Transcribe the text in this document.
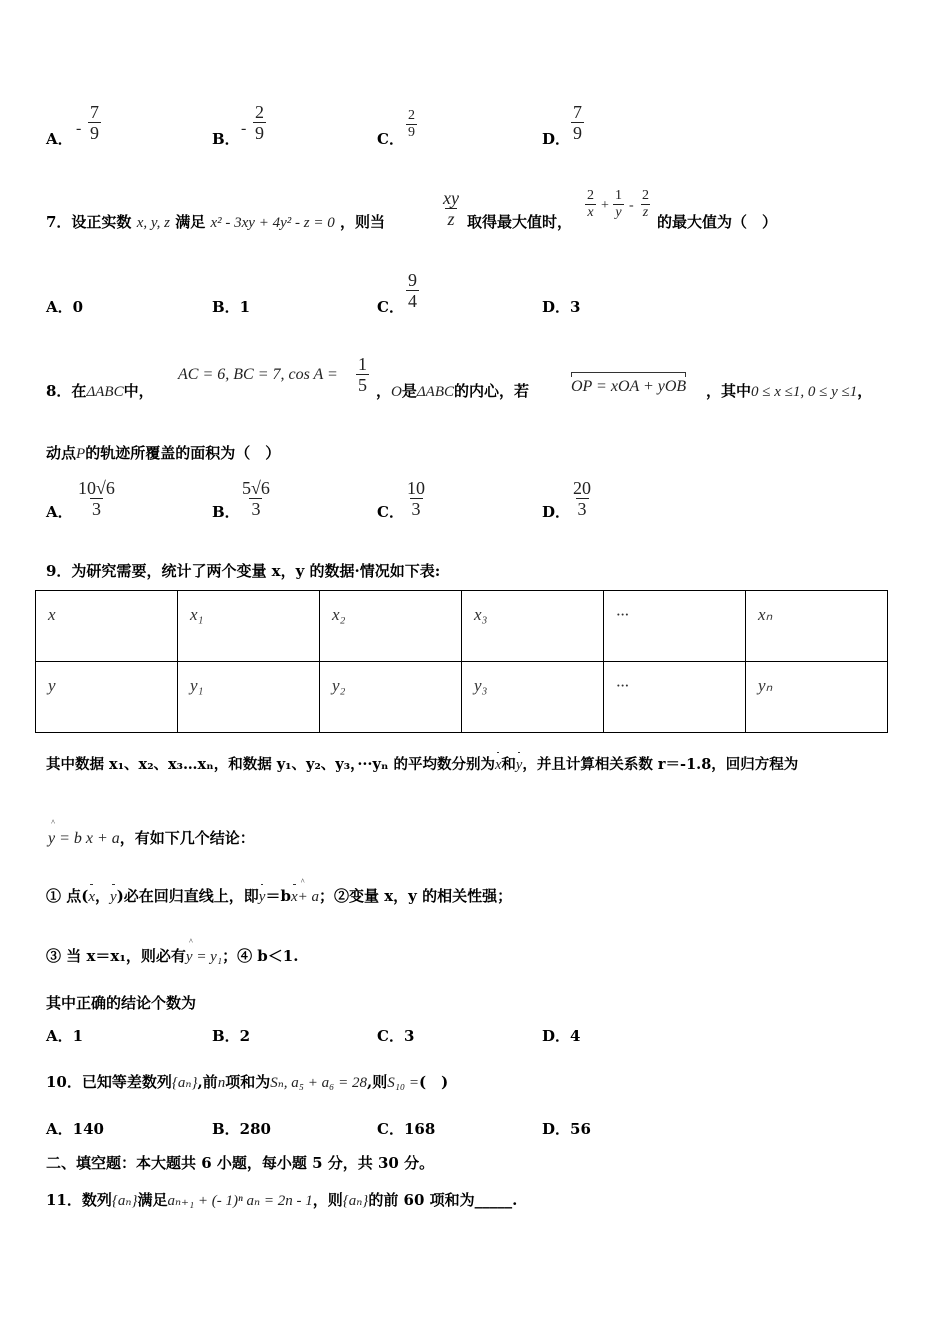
A．
- $\frac{7}{9}$	B．
- $\frac{2}{9}$	C． $\frac{2}{9}$	D． $\frac{7}{9}$
7．设正实数 x, y, z 满足 x² - 3xy + 4y² - z = 0 ，则当	$\frac{xy}{z}$ 取得最大值时，
$\frac{2}{x} + \frac{1}{y} - \frac{2}{z}$
的最大值为（　）
A．0	B．1	C． $\frac{9}{4}$	D．3
8．在ΔABC中，
AC = 6, BC = 7, $\cos A = \frac{1}{5}$ ，O是ΔABC的内心，若	OP = xOA + yOB ，其中0 ≤ x ≤1, 0 ≤ y ≤1，
动点P的轨迹所覆盖的面积为（　）
A． $\frac{10√6}{3}$	B． $\frac{5√6}{3}$	C． $\frac{10}{3}$	D． $\frac{20}{3}$
9．为研究需要，统计了两个变量 x，y 的数据·情况如下表:
x	x₁	x₂	x₃	···	xₙ
y	y₁	y₂	y₃	···	yₙ
其中数据 x₁、x₂、x₃…xₙ，和数据 y₁、y₂、y₃，···yₙ 的平均数分别为x和y，并且计算相关系数 r＝-1.8，回归方程为
^ y = b x + a，有如下几个结论：
① 点(x，y)必在回归直线上，即y＝bx^ + a；②变量 x，y 的相关性强；
③ 当 x＝x₁，则必有^ y = y₁；④ b＜1.
其中正确的结论个数为
A．1	B．2	C．3	D．4
10．已知等差数列{aₙ},前n项和为Sₙ, a₅ + a₆ = 28,则S₁₀ =(　)
A．140	B．280	C．168	D．56
二、填空题：本大题共 6 小题，每小题 5 分，共 30 分。
11．数列{aₙ}满足aₙ₊₁ + (- 1)ⁿ aₙ = 2n - 1，则{aₙ}的前 60 项和为_____.
